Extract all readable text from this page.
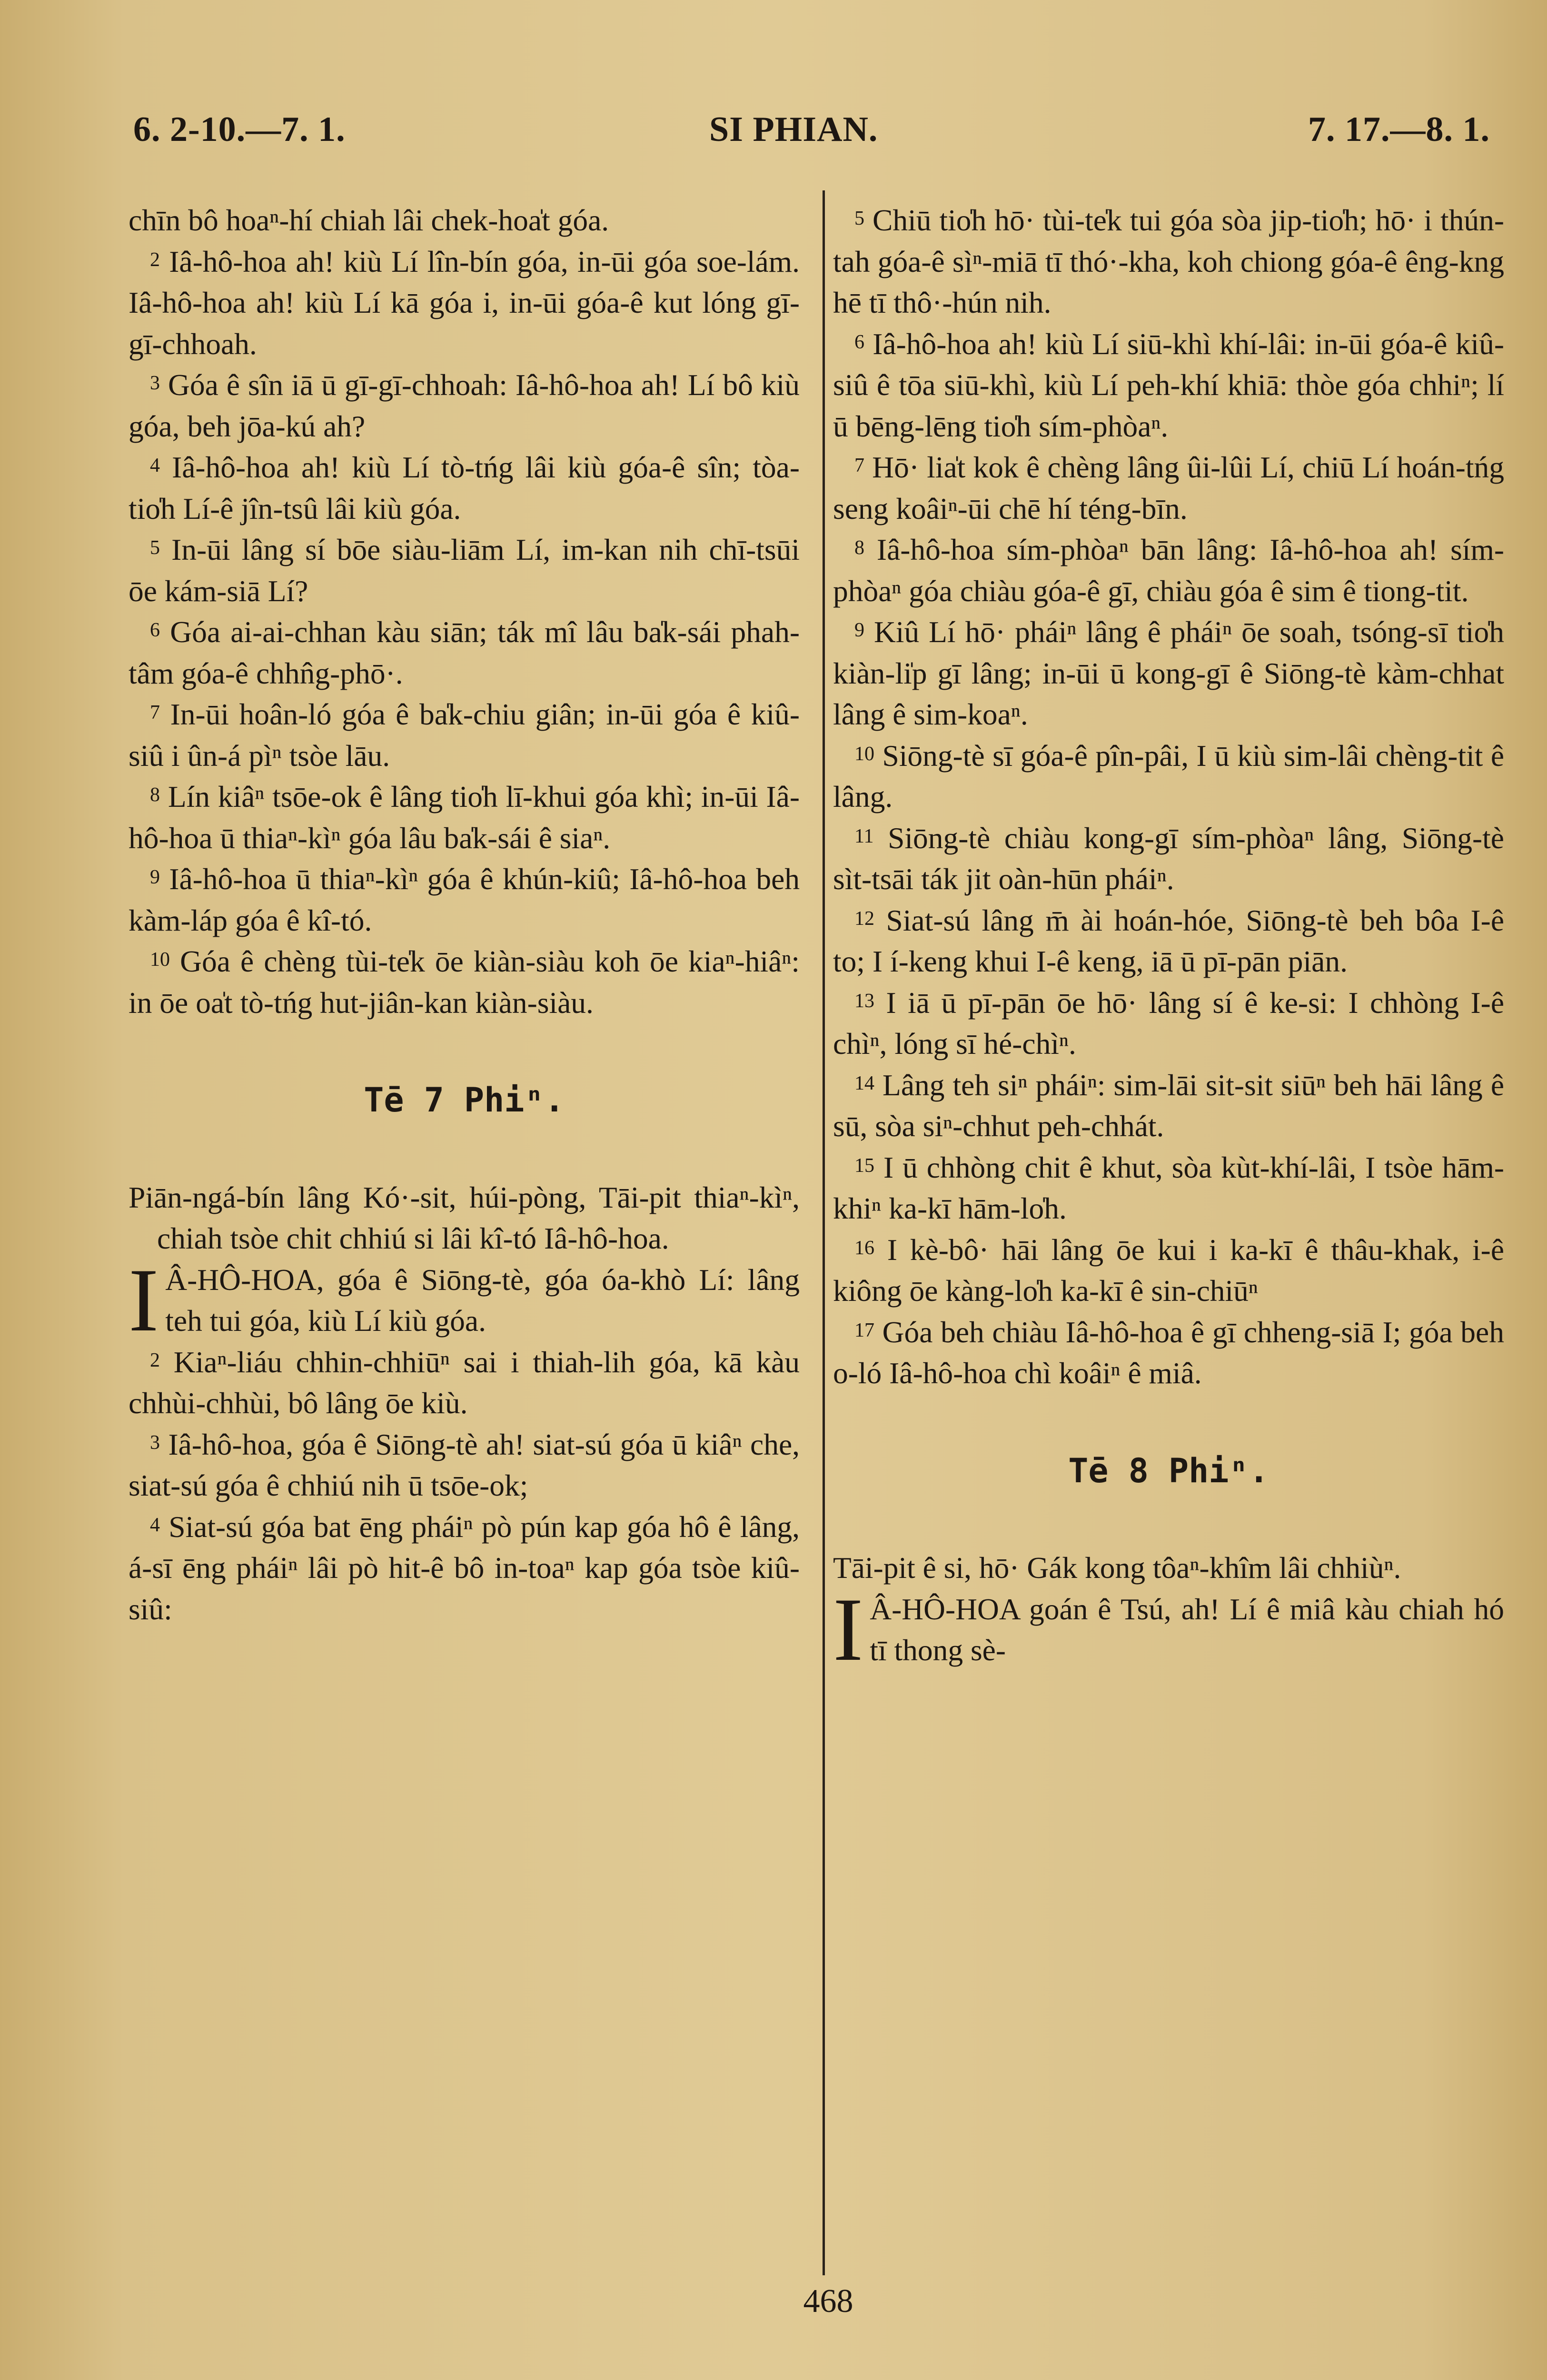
6. 2-10.—7. 1.	SI PHIAN.	7. 17.—8. 1.

chīn bô hoaⁿ-hí chiah lâi chek-hoa̍t góa.

$^2$ Iâ-hô-hoa ah! kiù Lí lîn-bín góa, in-ūi góa soe-lám. Iâ-hô-hoa ah! kiù Lí kā góa i, in-ūi góa-ê kut lóng gī-gī-chhoah.

$^3$ Góa ê sîn iā ū gī-gī-chhoah: Iâ-hô-hoa ah! Lí bô kiù góa, beh jōa-kú ah?

$^4$ Iâ-hô-hoa ah! kiù Lí tò-tńg lâi kiù góa-ê sîn; tòa-tio̍h Lí-ê jîn-tsû lâi kiù góa.

$^5$ In-ūi lâng sí bōe siàu-liām Lí, im-kan nih chī-tsūi ōe kám-siā Lí?

$^6$ Góa ai-ai-chhan kàu siān; ták mî lâu ba̍k-sái phah-tâm góa-ê chhn̂g-phō·.

$^7$ In-ūi hoân-ló góa ê ba̍k-chiu giân; in-ūi góa ê kiû-siû i ûn-á pìⁿ tsòe lāu.

$^8$ Lín kiâⁿ tsōe-ok ê lâng tio̍h lī-khui góa khì; in-ūi Iâ-hô-hoa ū thiaⁿ-kìⁿ góa lâu ba̍k-sái ê siaⁿ.

$^9$ Iâ-hô-hoa ū thiaⁿ-kìⁿ góa ê khún-kiû; Iâ-hô-hoa beh kàm-láp góa ê kî-tó.

$^{10}$ Góa ê chèng tùi-te̍k ōe kiàn-siàu koh ōe kiaⁿ-hiâⁿ: in ōe oa̍t tò-tńg hut-jiân-kan kiàn-siàu.

Tē 7 Phiⁿ.

Piān-ngá-bín lâng Kó·-sit, húi-pòng, Tāi-pit thiaⁿ-kìⁿ, chiah tsòe chit chhiú si lâi kî-tó Iâ-hô-hoa.

I Â-HÔ-HOA, góa ê Siōng-tè, góa óa-khò Lí: lâng teh tui góa, kiù Lí kiù góa.

$^2$ Kiaⁿ-liáu chhin-chhiūⁿ sai i thiah-lih góa, kā kàu chhùi-chhùi, bô lâng ōe kiù.

$^3$ Iâ-hô-hoa, góa ê Siōng-tè ah! siat-sú góa ū kiâⁿ che, siat-sú góa ê chhiú nih ū tsōe-ok;

$^4$ Siat-sú góa bat ēng pháiⁿ pò pún kap góa hô ê lâng, á-sī ēng pháiⁿ lâi pò hit-ê bô in-toaⁿ kap góa tsòe kiû-siû:

$^5$ Chiū tio̍h hō· tùi-te̍k tui góa sòa jip-tio̍h; hō· i thún-tah góa-ê sìⁿ-miā tī thó·-kha, koh chiong góa-ê êng-kng hē tī thô·-hún nih.

$^6$ Iâ-hô-hoa ah! kiù Lí siū-khì khí-lâi: in-ūi góa-ê kiû-siû ê tōa siū-khì, kiù Lí peh-khí khiā: thòe góa chhiⁿ; lí ū bēng-lēng tio̍h sím-phòaⁿ.

$^7$ Hō· lia̍t kok ê chèng lâng ûi-lûi Lí, chiū Lí hoán-tńg seng koâiⁿ-ūi chē hí téng-bīn.

$^8$ Iâ-hô-hoa sím-phòaⁿ bān lâng: Iâ-hô-hoa ah! sím-phòaⁿ góa chiàu góa-ê gī, chiàu góa ê sim ê tiong-tit.

$^9$ Kiû Lí hō· pháiⁿ lâng ê pháiⁿ ōe soah, tsóng-sī tio̍h kiàn-li̍p gī lâng; in-ūi ū kong-gī ê Siōng-tè kàm-chhat lâng ê sim-koaⁿ.

$^{10}$ Siōng-tè sī góa-ê pîn-pâi, I ū kiù sim-lâi chèng-tit ê lâng.

$^{11}$ Siōng-tè chiàu kong-gī sím-phòaⁿ lâng, Siōng-tè sìt-tsāi ták jit oàn-hūn pháiⁿ.

$^{12}$ Siat-sú lâng m̄ ài hoán-hóe, Siōng-tè beh bôa I-ê to; I í-keng khui I-ê keng, iā ū pī-pān piān.

$^{13}$ I iā ū pī-pān ōe hō· lâng sí ê ke-si: I chhòng I-ê chìⁿ, lóng sī hé-chìⁿ.

$^{14}$ Lâng teh siⁿ pháiⁿ: sim-lāi sit-sit siūⁿ beh hāi lâng ê sū, sòa siⁿ-chhut peh-chhát.

$^{15}$ I ū chhòng chit ê khut, sòa kùt-khí-lâi, I tsòe hām-khiⁿ ka-kī hām-lo̍h.

$^{16}$ I kè-bô· hāi lâng ōe kui i ka-kī ê thâu-khak, i-ê kiông ōe kàng-lo̍h ka-kī ê sin-chiūⁿ

$^{17}$ Góa beh chiàu Iâ-hô-hoa ê gī chheng-siā I; góa beh o-ló Iâ-hô-hoa chì koâiⁿ ê miâ.

Tē 8 Phiⁿ.

Tāi-pit ê si, hō· Gák kong tôaⁿ-khîm lâi chhiùⁿ.

I Â-HÔ-HOA goán ê Tsú, ah! Lí ê miâ kàu chiah hó tī thong sè-

468
